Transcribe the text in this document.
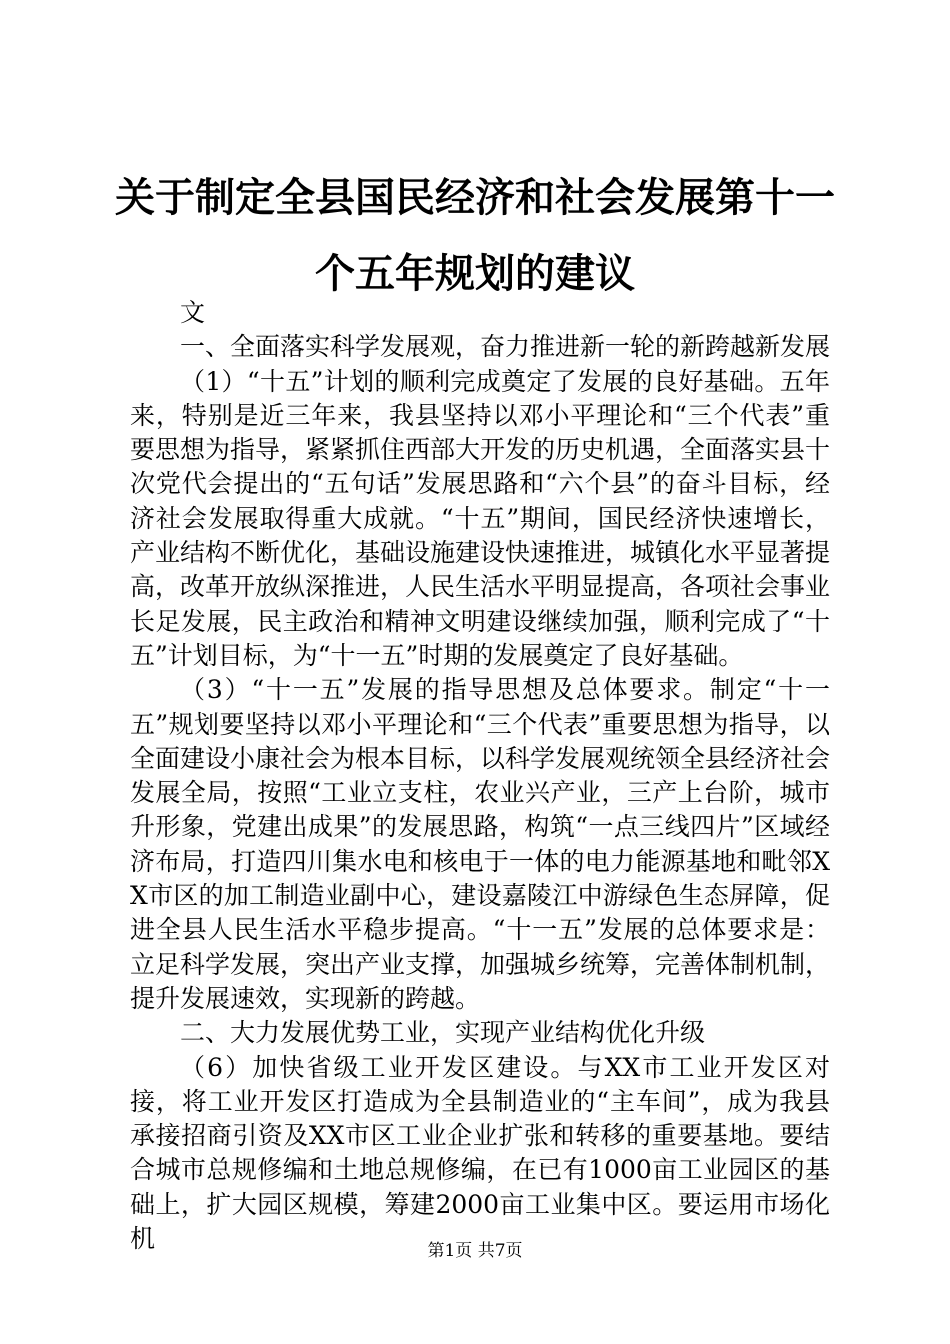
关于制定全县国民经济和社会发展第十一个五年规划的建议

文

一、全面落实科学发展观，奋力推进新一轮的新跨越新发展

（1）“十五”计划的顺利完成奠定了发展的良好基础。五年来，特别是近三年来，我县坚持以邓小平理论和“三个代表”重要思想为指导，紧紧抓住西部大开发的历史机遇，全面落实县十次党代会提出的“五句话”发展思路和“六个县”的奋斗目标，经济社会发展取得重大成就。“十五”期间，国民经济快速增长，产业结构不断优化，基础设施建设快速推进，城镇化水平显著提高，改革开放纵深推进，人民生活水平明显提高，各项社会事业长足发展，民主政治和精神文明建设继续加强，顺利完成了“十五”计划目标，为“十一五”时期的发展奠定了良好基础。

（3）“十一五”发展的指导思想及总体要求。制定“十一五”规划要坚持以邓小平理论和“三个代表”重要思想为指导，以全面建设小康社会为根本目标，以科学发展观统领全县经济社会发展全局，按照“工业立支柱，农业兴产业，三产上台阶，城市升形象，党建出成果”的发展思路，构筑“一点三线四片”区域经济布局，打造四川集水电和核电于一体的电力能源基地和毗邻XX市区的加工制造业副中心，建设嘉陵江中游绿色生态屏障，促进全县人民生活水平稳步提高。“十一五”发展的总体要求是：立足科学发展，突出产业支撑，加强城乡统筹，完善体制机制，提升发展速效，实现新的跨越。

二、大力发展优势工业，实现产业结构优化升级

（6）加快省级工业开发区建设。与XX市工业开发区对接，将工业开发区打造成为全县制造业的“主车间”，成为我县承接招商引资及XX市区工业企业扩张和转移的重要基地。要结合城市总规修编和土地总规修编，在已有1000亩工业园区的基础上，扩大园区规模，筹建2000亩工业集中区。要运用市场化机	第1页 共7页
